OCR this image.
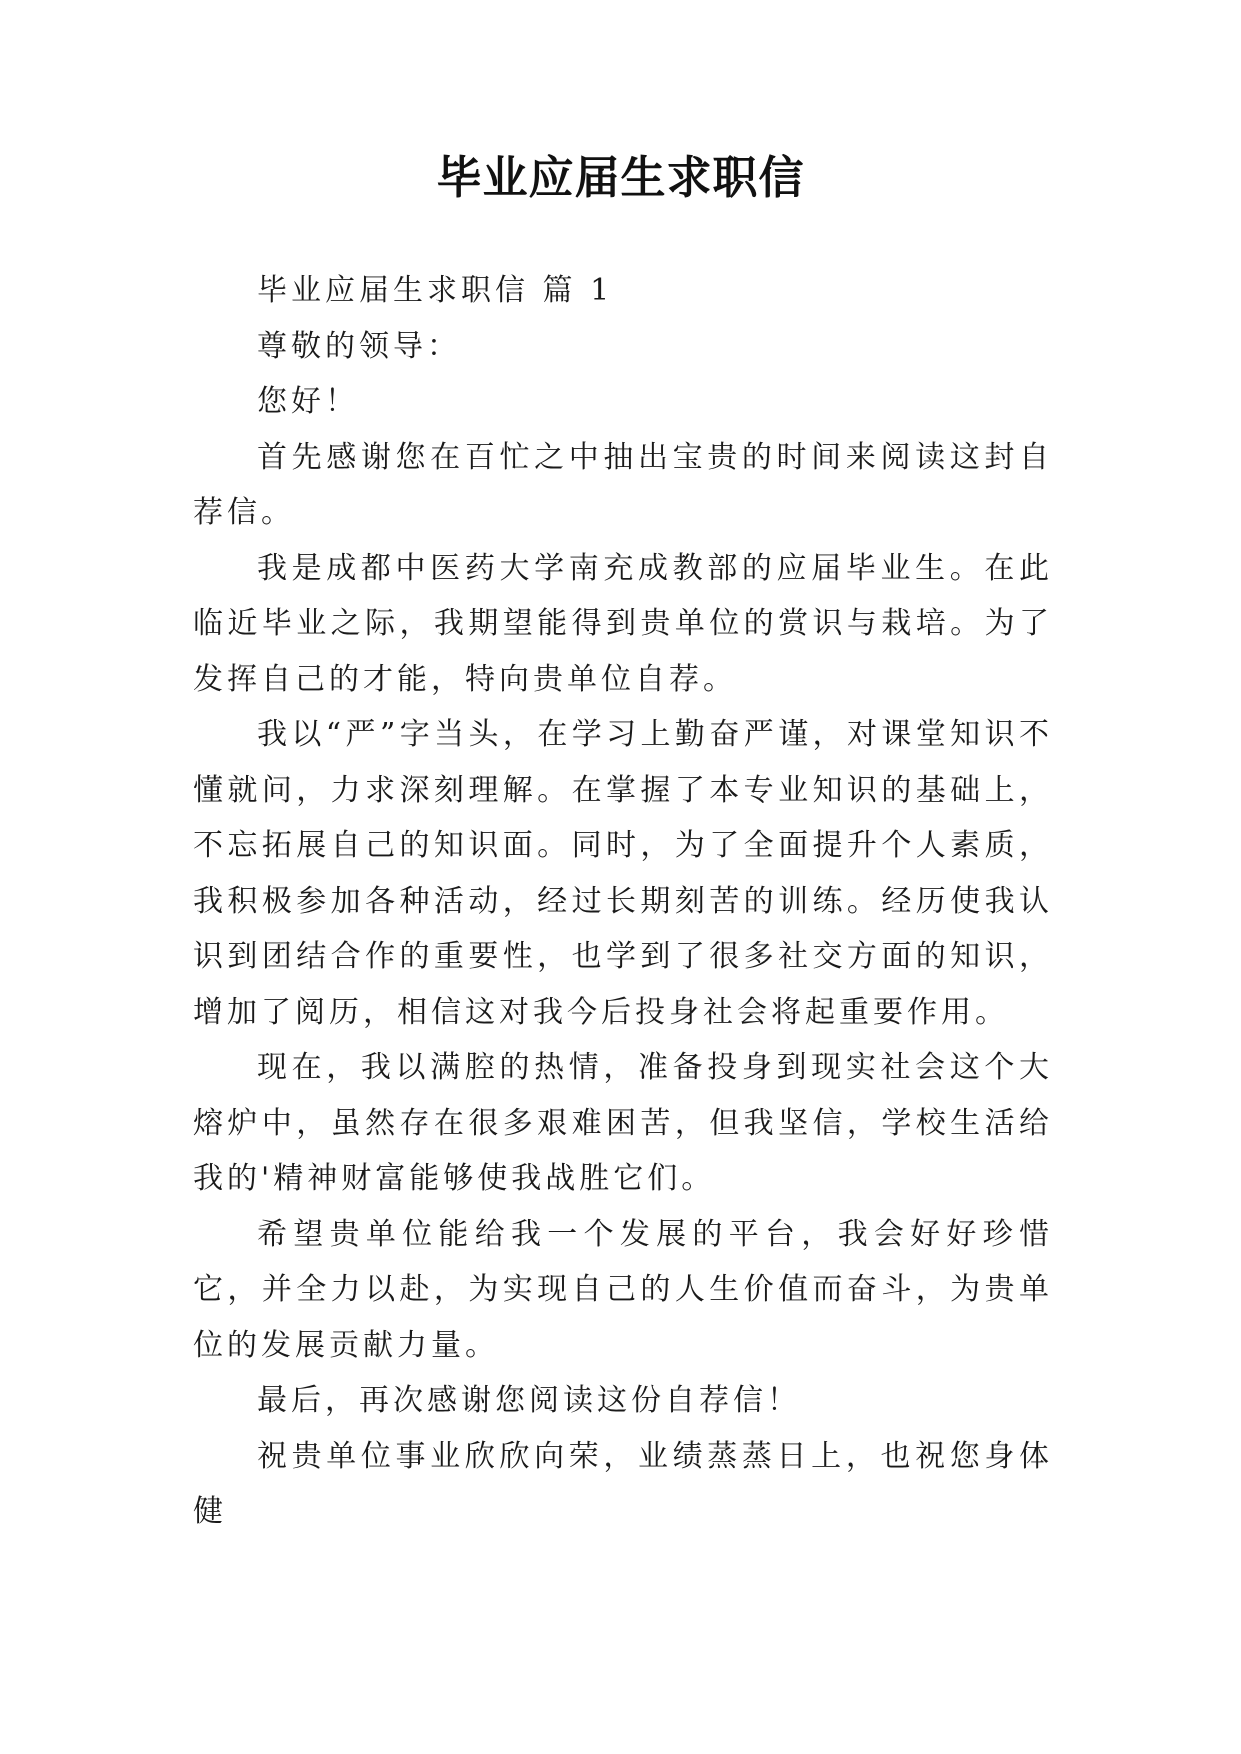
毕业应届生求职信

毕业应届生求职信 篇 1

尊敬的领导：

您好！

首先感谢您在百忙之中抽出宝贵的时间来阅读这封自荐信。

我是成都中医药大学南充成教部的应届毕业生。在此临近毕业之际，我期望能得到贵单位的赏识与栽培。为了发挥自己的才能，特向贵单位自荐。

我以“严”字当头，在学习上勤奋严谨，对课堂知识不懂就问，力求深刻理解。在掌握了本专业知识的基础上，不忘拓展自己的知识面。同时，为了全面提升个人素质，我积极参加各种活动，经过长期刻苦的训练。经历使我认识到团结合作的重要性，也学到了很多社交方面的知识，增加了阅历，相信这对我今后投身社会将起重要作用。

现在，我以满腔的热情，准备投身到现实社会这个大熔炉中，虽然存在很多艰难困苦，但我坚信，学校生活给我的'精神财富能够使我战胜它们。

希望贵单位能给我一个发展的平台，我会好好珍惜它，并全力以赴，为实现自己的人生价值而奋斗，为贵单位的发展贡献力量。

最后，再次感谢您阅读这份自荐信！

祝贵单位事业欣欣向荣，业绩蒸蒸日上，也祝您身体健
